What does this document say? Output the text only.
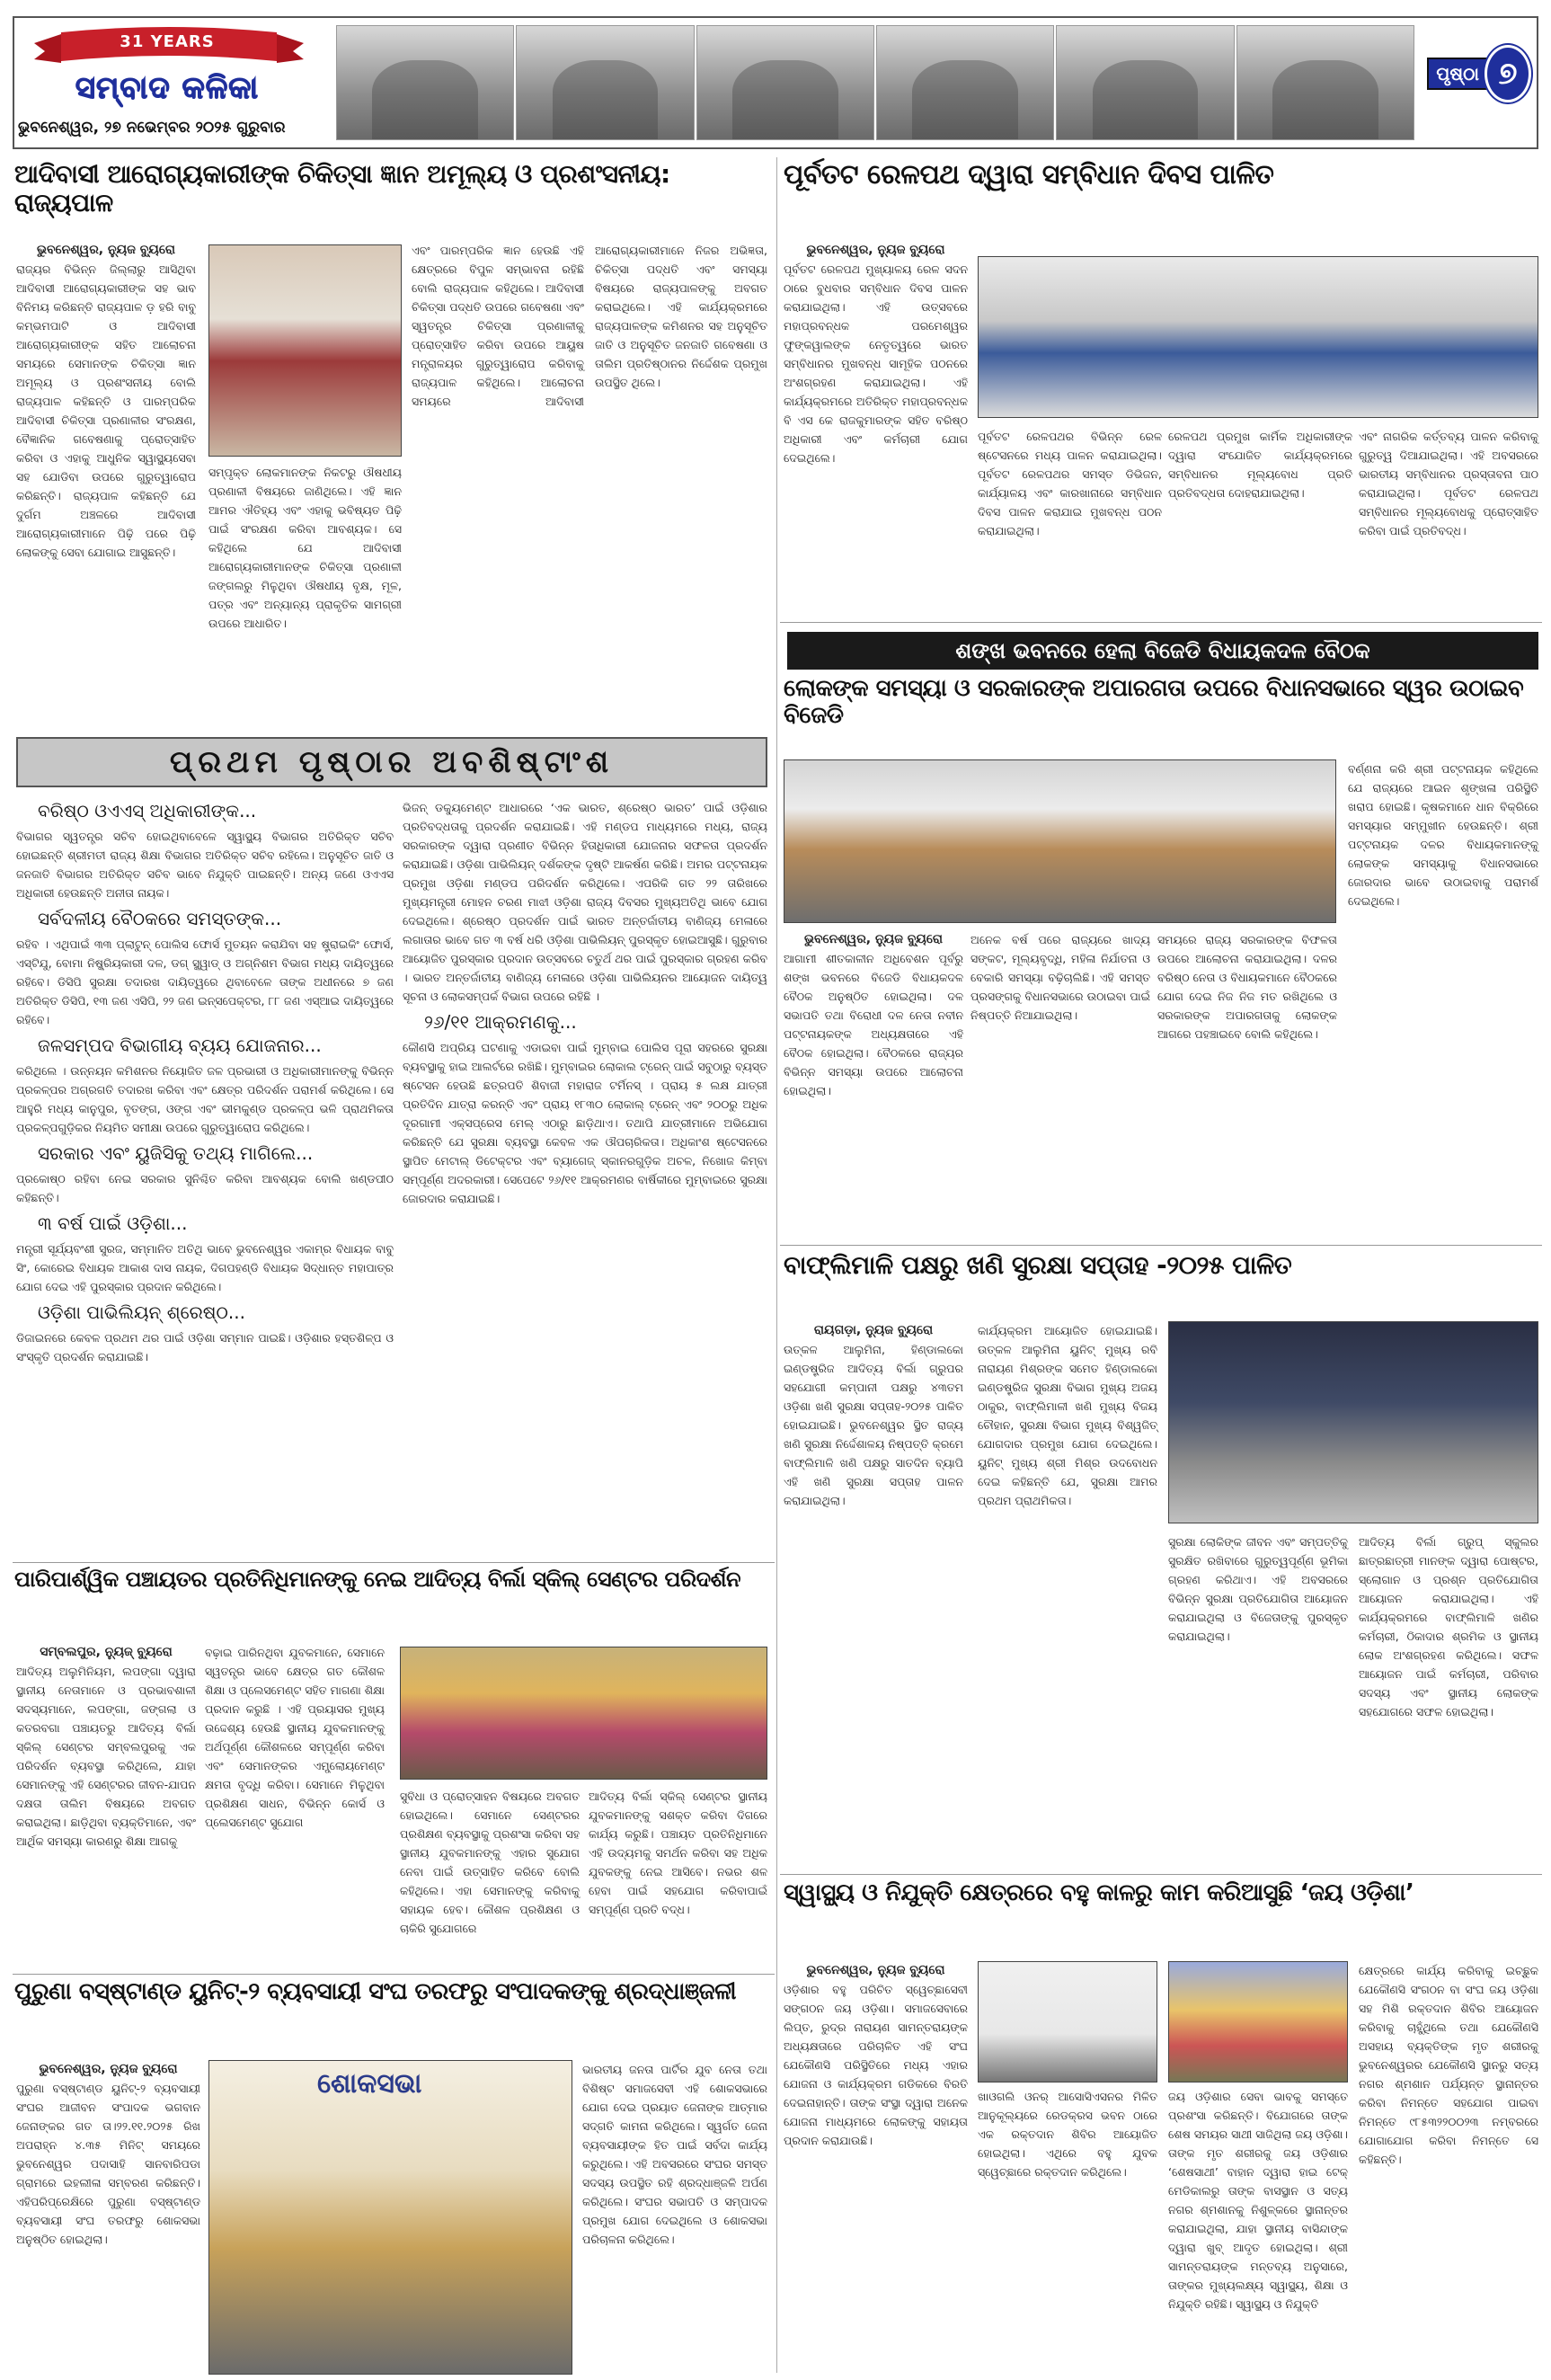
31 YEARS
ସମ୍ବାଦ କଳିକା
ଭୁବନେଶ୍ୱର, ୨୭ ନଭେମ୍ବର ୨୦୨୫ ଗୁରୁବାର
ପୃଷ୍ଠା ୭
ଆଦିବାସୀ ଆରୋଗ୍ୟକାରୀଙ୍କ ଚିକିତ୍ସା ଜ୍ଞାନ ଅମୂଲ୍ୟ ଓ ପ୍ରଶଂସନୀୟ: ରାଜ୍ୟପାଳ
ଭୁବନେଶ୍ୱର, ନ୍ୟୁଜ ବ୍ୟୁରୋ
ରାଜ୍ୟର ବିଭିନ୍ନ ଜିଲ୍ଲାରୁ ଆସିଥିବା ଆଦିବାସୀ ଆରୋଗ୍ୟକାରୀଙ୍କ ସହ ଭାବ ବିନିମୟ କରିଛନ୍ତି ରାଜ୍ୟପାଳ ଡ଼ ହରି ବାବୁ କମ୍ଭମପାଟି ଓ ଆଦିବାସୀ ଆରୋଗ୍ୟକାରୀଙ୍କ ସହିତ ଆଲୋଚନା ସମୟରେ ସେମାନଙ୍କ ଚିକିତ୍ସା ଜ୍ଞାନ ଅମୂଲ୍ୟ ଓ ପ୍ରଶଂସନୀୟ ବୋଲି ରାଜ୍ୟପାଳ କହିଛନ୍ତି ଓ ପାରମ୍ପରିକ ଆଦିବାସୀ ଚିକିତ୍ସା ପ୍ରଣାଳୀର ସଂରକ୍ଷଣ, ବୈଜ୍ଞାନିକ ଗବେଷଣାକୁ ପ୍ରୋତ୍ସାହିତ କରିବା ଓ ଏହାକୁ ଆଧୁନିକ ସ୍ୱାସ୍ଥ୍ୟସେବା ସହ ଯୋଡିବା ଉପରେ ଗୁରୁତ୍ୱାରୋପ କରିଛନ୍ତି। ରାଜ୍ୟପାଳ କହିଛନ୍ତି ଯେ ଦୁର୍ଗମ ଅଞ୍ଚଳରେ ଆଦିବାସୀ ଆରୋଗ୍ୟକାରୀମାନେ ପିଢ଼ି ପରେ ପିଢ଼ି ଲୋକଙ୍କୁ ସେବା ଯୋଗାଇ ଆସୁଛନ୍ତି।
ସମ୍ପୃକ୍ତ ଲୋକମାନଙ୍କ ନିକଟରୁ ଔଷଧୀୟ ପ୍ରଣାଳୀ ବିଷୟରେ ଜାଣିଥିଲେ। ଏହି ଜ୍ଞାନ ଆମର ଐତିହ୍ୟ ଏବଂ ଏହାକୁ ଭବିଷ୍ୟତ ପିଢ଼ି ପାଇଁ ସଂରକ୍ଷଣ କରିବା ଆବଶ୍ୟକ। ସେ କହିଥିଲେ ଯେ ଆଦିବାସୀ ଆରୋଗ୍ୟକାରୀମାନଙ୍କ ଚିକିତ୍ସା ପ୍ରଣାଳୀ ଜଙ୍ଗଲରୁ ମିଳୁଥିବା ଔଷଧୀୟ ବୃକ୍ଷ, ମୂଳ, ପତ୍ର ଏବଂ ଅନ୍ୟାନ୍ୟ ପ୍ରାକୃତିକ ସାମଗ୍ରୀ ଉପରେ ଆଧାରିତ।
ଏବଂ ପାରମ୍ପରିକ ଜ୍ଞାନ ହେଉଛି ଏହି କ୍ଷେତ୍ରରେ ବିପୁଳ ସମ୍ଭାବନା ରହିଛି ବୋଲି ରାଜ୍ୟପାଳ କହିଥିଲେ। ଆଦିବାସୀ ଚିକିତ୍ସା ପଦ୍ଧତି ଉପରେ ଗବେଷଣା ଏବଂ ସ୍ୱତନ୍ତ୍ର ଚିକିତ୍ସା ପ୍ରଣାଳୀକୁ ପ୍ରୋତ୍ସାହିତ କରିବା ଉପରେ ଆୟୁଷ ମନ୍ତ୍ରାଳୟର ଗୁରୁତ୍ୱାରୋପ କରିବାକୁ ରାଜ୍ୟପାଳ କହିଥିଲେ। ଆଲୋଚନା ସମୟରେ ଆଦିବାସୀ ଆରୋଗ୍ୟକାରୀମାନେ ନିଜର ଅଭିଜ୍ଞତା, ଚିକିତ୍ସା ପଦ୍ଧତି ଏବଂ ସମସ୍ୟା ବିଷୟରେ ରାଜ୍ୟପାଳଙ୍କୁ ଅବଗତ କରାଇଥିଲେ। ଏହି କାର୍ଯ୍ୟକ୍ରମରେ ରାଜ୍ୟପାଳଙ୍କ କମିଶନର ସହ ଅନୁସୂଚିତ ଜାତି ଓ ଅନୁସୂଚିତ ଜନଜାତି ଗବେଷଣା ଓ ତାଲିମ ପ୍ରତିଷ୍ଠାନର ନିର୍ଦ୍ଦେଶକ ପ୍ରମୁଖ ଉପସ୍ଥିତ ଥିଲେ।
ପୂର୍ବତଟ ରେଳପଥ ଦ୍ୱାରା ସମ୍ବିଧାନ ଦିବସ ପାଳିତ
ଭୁବନେଶ୍ୱର, ନ୍ୟୁଜ ବ୍ୟୁରୋ
ପୂର୍ବତଟ ରେଳପଥ ମୁଖ୍ୟାଳୟ ରେଳ ସଦନ ଠାରେ ବୁଧବାର ସମ୍ବିଧାନ ଦିବସ ପାଳନ କରାଯାଇଥିଲା। ଏହି ଉତ୍ସବରେ ମହାପ୍ରବନ୍ଧକ ପରମେଶ୍ୱର ଫୁଙ୍କୱାଲଙ୍କ ନେତୃତ୍ୱରେ ଭାରତ ସମ୍ବିଧାନର ମୁଖବନ୍ଧ ସାମୂହିକ ପଠନରେ ଅଂଶଗ୍ରହଣ କରାଯାଇଥିଲା। ଏହି କାର୍ଯ୍ୟକ୍ରମରେ ଅତିରିକ୍ତ ମହାପ୍ରବନ୍ଧକ ବି ଏସ କେ ରାଜକୁମାରଙ୍କ ସହିତ ବରିଷ୍ଠ ଅଧିକାରୀ ଏବଂ କର୍ମଚାରୀ ଯୋଗ ଦେଇଥିଲେ।
ପୂର୍ବତଟ ରେଳପଥର ବିଭିନ୍ନ ରେଳ ଷ୍ଟେସନରେ ମଧ୍ୟ ପାଳନ କରାଯାଇଥିଲା। ପୂର୍ବତଟ ରେଳପଥର ସମସ୍ତ ଡିଭିଜନ, କାର୍ଯ୍ୟାଳୟ ଏବଂ କାରଖାନାରେ ସମ୍ବିଧାନ ଦିବସ ପାଳନ କରାଯାଇ ମୁଖବନ୍ଧ ପଠନ କରାଯାଇଥିଲା।
ରେଳପଥ ପ୍ରମୁଖ କାର୍ମିକ ଅଧିକାରୀଙ୍କ ଦ୍ୱାରା ସଂଯୋଜିତ କାର୍ଯ୍ୟକ୍ରମରେ ସମ୍ବିଧାନର ମୂଲ୍ୟବୋଧ ପ୍ରତି ପ୍ରତିବଦ୍ଧତା ଦୋହରାଯାଇଥିଲା।
ଏବଂ ନାଗରିକ କର୍ତ୍ତବ୍ୟ ପାଳନ କରିବାକୁ ଗୁରୁତ୍ୱ ଦିଆଯାଇଥିଲା। ଏହି ଅବସରରେ ଭାରତୀୟ ସମ୍ବିଧାନର ପ୍ରସ୍ତାବନା ପାଠ କରାଯାଇଥିଲା। ପୂର୍ବତଟ ରେଳପଥ ସମ୍ବିଧାନର ମୂଲ୍ୟବୋଧକୁ ପ୍ରୋତ୍ସାହିତ କରିବା ପାଇଁ ପ୍ରତିବଦ୍ଧ।
ଶଙ୍ଖ ଭବନରେ ହେଲା ବିଜେଡି ବିଧାୟକଦଳ ବୈଠକ
ଲୋକଙ୍କ ସମସ୍ୟା ଓ ସରକାରଙ୍କ ଅପାରଗତା ଉପରେ ବିଧାନସଭାରେ ସ୍ୱର ଉଠାଇବ ବିଜେଡି
ବର୍ଣ୍ଣନା କରି ଶ୍ରୀ ପଟ୍ଟନାୟକ କହିଥିଲେ ଯେ ରାଜ୍ୟରେ ଆଇନ ଶୃଙ୍ଖଳା ପରିସ୍ଥିତି ଖରାପ ହୋଇଛି। କୃଷକମାନେ ଧାନ ବିକ୍ରିରେ ସମସ୍ୟାର ସମ୍ମୁଖୀନ ହେଉଛନ୍ତି। ଶ୍ରୀ ପଟ୍ଟନାୟକ ଦଳର ବିଧାୟକମାନଙ୍କୁ ଲୋକଙ୍କ ସମସ୍ୟାକୁ ବିଧାନସଭାରେ ଜୋରଦାର ଭାବେ ଉଠାଇବାକୁ ପରାମର୍ଶ ଦେଇଥିଲେ।
ଭୁବନେଶ୍ୱର, ନ୍ୟୁଜ ବ୍ୟୁରୋ
ଆଗାମୀ ଶୀତକାଳୀନ ଅଧିବେଶନ ପୂର୍ବରୁ ଶଙ୍ଖ ଭବନରେ ବିଜେଡି ବିଧାୟକଦଳ ବୈଠକ ଅନୁଷ୍ଠିତ ହୋଇଥିଲା। ଦଳ ସଭାପତି ତଥା ବିରୋଧୀ ଦଳ ନେତା ନବୀନ ପଟ୍ଟନାୟକଙ୍କ ଅଧ୍ୟକ୍ଷତାରେ ଏହି ବୈଠକ ହୋଇଥିଲା। ବୈଠକରେ ରାଜ୍ୟର ବିଭିନ୍ନ ସମସ୍ୟା ଉପରେ ଆଲୋଚନା ହୋଇଥିଲା।
ଅନେକ ବର୍ଷ ପରେ ରାଜ୍ୟରେ ଖାଦ୍ୟ ସଙ୍କଟ, ମୂଲ୍ୟବୃଦ୍ଧି, ମହିଳା ନିର୍ଯାତନା ଓ ବେକାରି ସମସ୍ୟା ବଢ଼ିଚାଲିଛି। ଏହି ସମସ୍ତ ପ୍ରସଙ୍ଗକୁ ବିଧାନସଭାରେ ଉଠାଇବା ପାଇଁ ନିଷ୍ପତ୍ତି ନିଆଯାଇଥିଲା।
ସମୟରେ ରାଜ୍ୟ ସରକାରଙ୍କ ବିଫଳତା ଉପରେ ଆଲୋଚନା କରାଯାଇଥିଲା। ଦଳର ବରିଷ୍ଠ ନେତା ଓ ବିଧାୟକମାନେ ବୈଠକରେ ଯୋଗ ଦେଇ ନିଜ ନିଜ ମତ ରଖିଥିଲେ ଓ ସରକାରଙ୍କ ଅପାରଗତାକୁ ଲୋକଙ୍କ ଆଗରେ ପହଞ୍ଚାଇବେ ବୋଲି କହିଥିଲେ।
ପ୍ରଥମ ପୃଷ୍ଠାର ଅବଶିଷ୍ଟାଂଶ
ବରିଷ୍ଠ ଓଏଏସ୍ ଅଧିକାରୀଙ୍କ...
ବିଭାଗର ସ୍ୱତନ୍ତ୍ର ସଚିବ ହୋଇଥିବାବେଳେ ସ୍ୱାସ୍ଥ୍ୟ ବିଭାଗର ଅତିରିକ୍ତ ସଚିବ ହୋଇଛନ୍ତି ଶ୍ରୀମତୀ ରାଜ୍ୟ ଶିକ୍ଷା ବିଭାଗର ଅତିରିକ୍ତ ସଚିବ ରହିଲେ। ଅନୁସୂଚିତ ଜାତି ଓ ଜନଜାତି ବିଭାଗର ଅତିରିକ୍ତ ସଚିବ ଭାବେ ନିଯୁକ୍ତି ପାଇଛନ୍ତି। ଅନ୍ୟ ଜଣେ ଓଏଏସ ଅଧିକାରୀ ହେଉଛନ୍ତି ଅନୀତା ନାୟକ।
ସର୍ବଦଳୀୟ ବୈଠକରେ ସମସ୍ତଙ୍କ...
ରହିବ । ଏଥିପାଇଁ ୩୩ ପ୍ଲାଟୁନ୍ ପୋଲିସ ଫୋର୍ସ ମୁତୟନ କରାଯିବା ସହ ଷ୍ଟ୍ରାଇକିଂ ଫୋର୍ସ, ଏସ୍‌ଟିଯୁ, ବୋମା ନିଷ୍କ୍ରିୟକାରୀ ଦଳ, ଡଗ୍ ସ୍କ୍ୱାଡ୍ ଓ ଅଗ୍ନିଶମ ବିଭାଗ ମଧ୍ୟ ଦାୟିତ୍ୱରେ ରହିବେ। ଡିସିପି ସୁରକ୍ଷା ତଦାରଖ ଦାୟିତ୍ୱରେ ଥିବାବେଳେ ତାଙ୍କ ଅଧୀନରେ ୭ ଜଣ ଅତିରିକ୍ତ ଡିସିପି, ୧୩ ଜଣ ଏସିପି, ୨୨ ଜଣ ଇନ୍‌ସପେକ୍ଟର, ୮୮ ଜଣ ଏସ୍‌ଆଇ ଦାୟିତ୍ୱରେ ରହିବେ।
ଜଳସମ୍ପଦ ବିଭାଗୀୟ ବ୍ୟୟ ଯୋଜନାର...
କରିଥିଲେ । ଉନ୍ନୟନ କମିଶନର ନିୟୋଜିତ ଜଳ ପ୍ରଭାରୀ ଓ ଅଧିକାରୀମାନଙ୍କୁ ବିଭିନ୍ନ ପ୍ରକଳ୍ପର ଅଗ୍ରଗତି ତଦାରଖ କରିବା ଏବଂ କ୍ଷେତ୍ର ପରିଦର୍ଶନ ପରାମର୍ଶ କରିଥିଲେ। ସେ ଆହୁରି ମଧ୍ୟ କାନୁପୁର, ବୃତଙ୍ଗ, ଓଙ୍ଗ ଏବଂ ଭୀମକୁଣ୍ଡ ପ୍ରକଳ୍ପ ଭଳି ପ୍ରାଥମିକତା ପ୍ରକଳ୍ପଗୁଡ଼ିକର ନିୟମିତ ସମୀକ୍ଷା ଉପରେ ଗୁରୁତ୍ୱାରୋପ କରିଥିଲେ।
ସରକାର ଏବଂ ୟୁଜିସିକୁ ତଥ୍ୟ ମାଗିଲେ...
ପ୍ରକୋଷ୍ଠ ରହିବା ନେଇ ସରକାର ସୁନିଶ୍ଚିତ କରିବା ଆବଶ୍ୟକ ବୋଲି ଖଣ୍ଡପୀଠ କହିଛନ୍ତି।
୩ ବର୍ଷ ପାଇଁ ଓଡ଼ିଶା...
ମନ୍ତ୍ରୀ ସୂର୍ଯ୍ୟବଂଶୀ ସୁରଜ, ସମ୍ମାନିତ ଅତିଥି ଭାବେ ଭୁବନେଶ୍ୱର ଏକାମ୍ର ବିଧାୟକ ବାବୁ ସିଂ, କୋରେଇ ବିଧାୟକ ଆକାଶ ଦାସ ନାୟକ, ଦିଗପହଣ୍ଡି ବିଧାୟକ ସିଦ୍ଧାନ୍ତ ମହାପାତ୍ର ଯୋଗ ଦେଇ ଏହି ପୁରସ୍କାର ପ୍ରଦାନ କରିଥିଲେ।
ଓଡ଼ିଶା ପାଭିଲିୟନ୍ ଶ୍ରେଷ୍ଠ...
ଡିଜାଇନରେ କେବଳ ପ୍ରଥମ ଥର ପାଇଁ ଓଡ଼ିଶା ସମ୍ମାନ ପାଇଛି। ଓଡ଼ିଶାର ହସ୍ତଶିଳ୍ପ ଓ ସଂସ୍କୃତି ପ୍ରଦର୍ଶନ କରାଯାଇଛି।
ଭିଜନ୍ ଡକ୍ୟୁମେଣ୍ଟ ଆଧାରରେ ‘ଏକ ଭାରତ, ଶ୍ରେଷ୍ଠ ଭାରତ’ ପାଇଁ ଓଡ଼ିଶାର ପ୍ରତିବଦ୍ଧତାକୁ ପ୍ରଦର୍ଶନ କରାଯାଇଛି। ଏହି ମଣ୍ଡପ ମାଧ୍ୟମରେ ମଧ୍ୟ, ରାଜ୍ୟ ସରକାରଙ୍କ ଦ୍ୱାରା ପ୍ରଣୀତ ବିଭିନ୍ନ ହିତାଧିକାରୀ ଯୋଜନାର ସଫଳତା ପ୍ରଦର୍ଶନ କରାଯାଇଛି। ଓଡ଼ିଶା ପାଭିଲିୟନ୍ ଦର୍ଶକଙ୍କ ଦୃଷ୍ଟି ଆକର୍ଷଣ କରିଛି। ଅମର ପଟ୍ଟନାୟକ ପ୍ରମୁଖ ଓଡ଼ିଶା ମଣ୍ଡପ ପରିଦର୍ଶନ କରିଥିଲେ। ଏପରିକି ଗତ ୨୨ ତାରିଖରେ ମୁଖ୍ୟମନ୍ତ୍ରୀ ମୋହନ ଚରଣ ମାଝୀ ଓଡ଼ିଶା ରାଜ୍ୟ ଦିବସର ମୁଖ୍ୟଅତିଥି ଭାବେ ଯୋଗ ଦେଇଥିଲେ। ଶ୍ରେଷ୍ଠ ପ୍ରଦର୍ଶନ ପାଇଁ ଭାରତ ଅନ୍ତର୍ଜାତୀୟ ବାଣିଜ୍ୟ ମେଳାରେ ଲଗାତାର ଭାବେ ଗତ ୩ ବର୍ଷ ଧରି ଓଡ଼ିଶା ପାଭିଲିୟନ୍ ପୁରସ୍କୃତ ହୋଇଆସୁଛି। ଗୁରୁବାର ଆୟୋଜିତ ପୁରସ୍କାର ପ୍ରଦାନ ଉତ୍ସବରେ ଚତୁର୍ଥ ଥର ପାଇଁ ପୁରସ୍କାର ଗ୍ରହଣ କରିବ । ଭାରତ ଅନ୍ତର୍ଜାତୀୟ ବାଣିଜ୍ୟ ମେଳାରେ ଓଡ଼ିଶା ପାଭିଲିୟନର ଆୟୋଜନ ଦାୟିତ୍ୱ ସୂଚନା ଓ ଲୋକସମ୍ପର୍କ ବିଭାଗ ଉପରେ ରହିଛି ।
୨୬/୧୧ ଆକ୍ରମଣକୁ...
କୌଣସି ଅପ୍ରିୟ ଘଟଣାକୁ ଏଡାଇବା ପାଇଁ ମୁମ୍ବାଇ ପୋଲିସ ପୂରା ସହରରେ ସୁରକ୍ଷା ବ୍ୟବସ୍ଥାକୁ ହାଇ ଆଲର୍ଟରେ ରଖିଛି। ମୁମ୍ବାଇର ଲୋକାଲ ଟ୍ରେନ୍ ପାଇଁ ସବୁଠାରୁ ବ୍ୟସ୍ତ ଷ୍ଟେସନ ହେଉଛି ଛତ୍ରପତି ଶିବାଜୀ ମହାରାଜ ଟର୍ମିନସ୍ । ପ୍ରାୟ ୫ ଲକ୍ଷ ଯାତ୍ରୀ ପ୍ରତିଦିନ ଯାତ୍ରା କରନ୍ତି ଏବଂ ପ୍ରାୟ ୧୮୩୦ ଲୋକାଲ୍ ଟ୍ରେନ୍ ଏବଂ ୨୦୦ରୁ ଅଧିକ ଦୂରଗାମୀ ଏକ୍ସପ୍ରେସ ମେଲ୍ ଏଠାରୁ ଛାଡ଼ିଥାଏ। ତଥାପି ଯାତ୍ରୀମାନେ ଅଭିଯୋଗ କରିଛନ୍ତି ଯେ ସୁରକ୍ଷା ବ୍ୟବସ୍ଥା କେବଳ ଏକ ଔପଚାରିକତା। ଅଧିକାଂଶ ଷ୍ଟେସନରେ ସ୍ଥାପିତ ମେଟାଲ୍ ଡିଟେକ୍ଟର ଏବଂ ବ୍ୟାଗେଜ୍ ସ୍କାନରଗୁଡ଼ିକ ଅଚଳ, ନିଖୋଜ କିମ୍ବା ସମ୍ପୂର୍ଣ୍ଣ ଅଦରକାରୀ। ସେପେଟେ ୨୬/୧୧ ଆକ୍ରମଣର ବାର୍ଷିକୀରେ ମୁମ୍ବାଇରେ ସୁରକ୍ଷା ଜୋରଦାର କରାଯାଇଛି।
ବାଫ୍ଲିମାଳି ପକ୍ଷରୁ ଖଣି ସୁରକ୍ଷା ସପ୍ତାହ -୨୦୨୫ ପାଳିତ
ରାୟଗଡ଼ା, ନ୍ୟୁଜ ବ୍ୟୁରୋ
ଉତ୍କଳ ଆଲୁମିନା, ହିଣ୍ଡାଲକୋ ଇଣ୍ଡଷ୍ଟ୍ରିଜ ଆଦିତ୍ୟ ବିର୍ଲା ଗ୍ରୁପର ସହଯୋଗୀ କମ୍ପାନୀ ପକ୍ଷରୁ ୪୩ତମ ଓଡ଼ିଶା ଖଣି ସୁରକ୍ଷା ସପ୍ତାହ-୨୦୨୫ ପାଳିତ ହୋଇଯାଇଛି। ଭୁବନେଶ୍ୱର ସ୍ଥିତ ରାଜ୍ୟ ଖଣି ସୁରକ୍ଷା ନିର୍ଦ୍ଦେଶାଳୟ ନିଷ୍ପତ୍ତି କ୍ରମେ ବାଫ୍ଲିମାଳି ଖଣି ପକ୍ଷରୁ ସାତଦିନ ବ୍ୟାପି ଏହି ଖଣି ସୁରକ୍ଷା ସପ୍ତାହ ପାଳନ କରାଯାଇଥିଲା।
କାର୍ଯ୍ୟକ୍ରମ ଆୟୋଜିତ ହୋଇଯାଇଛି। ଉତ୍କଳ ଆଲୁମିନା ୟୁନିଟ୍ ମୁଖ୍ୟ ରବି ନାରାୟଣ ମିଶ୍ରଙ୍କ ସମେତ ହିଣ୍ଡାଲକୋ ଇଣ୍ଡଷ୍ଟ୍ରିଜ ସୁରକ୍ଷା ବିଭାଗ ମୁଖ୍ୟ ଅଜୟ ଠାକୁର, ବାଫ୍ଲିମାଳୀ ଖଣି ମୁଖ୍ୟ ବିଜୟ ଚୌହାନ, ସୁରକ୍ଷା ବିଭାଗ ମୁଖ୍ୟ ବିଶ୍ୱଜିତ୍ ଯୋଗଦାର ପ୍ରମୁଖ ଯୋଗ ଦେଇଥିଲେ। ୟୁନିଟ୍ ମୁଖ୍ୟ ଶ୍ରୀ ମିଶ୍ର ଉଦବୋଧନ ଦେଇ କହିଛନ୍ତି ଯେ, ସୁରକ୍ଷା ଆମର ପ୍ରଥମ ପ୍ରାଥମିକତା।
ସୁରକ୍ଷା ଲୋକିଙ୍କ ଜୀବନ ଏବଂ ସମ୍ପତ୍ତିକୁ ସୁରକ୍ଷିତ ରଖିବାରେ ଗୁରୁତ୍ୱପୂର୍ଣ୍ଣ ଭୂମିକା ଗ୍ରହଣ କରିଥାଏ। ଏହି ଅବସରରେ ବିଭିନ୍ନ ସୁରକ୍ଷା ପ୍ରତିଯୋଗିତା ଆୟୋଜନ କରାଯାଇଥିଲା ଓ ବିଜେତାଙ୍କୁ ପୁରସ୍କୃତ କରାଯାଇଥିଲା।
ଆଦିତ୍ୟ ବିର୍ଲା ଗ୍ରୁପ୍ ସ୍କୁଲର ଛାତ୍ରଛାତ୍ରୀ ମାନଙ୍କ ଦ୍ୱାରା ପୋଷ୍ଟର, ସ୍ଲୋଗାନ ଓ ପ୍ରଶ୍ନ ପ୍ରତିଯୋଗିତା ଆୟୋଜନ କରାଯାଇଥିଲା। ଏହି କାର୍ଯ୍ୟକ୍ରମରେ ବାଫ୍ଲିମାଳି ଖଣିର କର୍ମଚାରୀ, ଠିକାଦାର ଶ୍ରମିକ ଓ ସ୍ଥାନୀୟ ଲୋକ ଅଂଶଗ୍ରହଣ କରିଥିଲେ। ସଫଳ ଆୟୋଜନ ପାଇଁ କର୍ମଚାରୀ, ପରିବାର ସଦସ୍ୟ ଏବଂ ସ୍ଥାନୀୟ ଲୋକଙ୍କ ସହଯୋଗରେ ସଫଳ ହୋଇଥିଲା।
ପାରିପାର୍ଶ୍ୱିକ ପଞ୍ଚାୟତର ପ୍ରତିନିଧିମାନଙ୍କୁ ନେଇ ଆଦିତ୍ୟ ବିର୍ଲା ସ୍କିଲ୍ ସେଣ୍ଟର ପରିଦର୍ଶନ
ସମ୍ବଲପୁର, ନ୍ୟୁଜ୍ ବ୍ୟୁରୋ
ଆଦିତ୍ୟ ଅଲୁମିନିୟମ, ଲପଙ୍ଗା ଦ୍ୱାରା ସ୍ଥାନୀୟ ନେତାମାନେ ଓ ପ୍ରଭାବଶାଳୀ ସଦସ୍ୟମାନେ, ଲପଙ୍ଗା, ଜଙ୍ଗଲା ଓ କତରବଗା ପଞ୍ଚାୟତରୁ ଆଦିତ୍ୟ ବିର୍ଲା ସ୍କିଲ୍ ସେଣ୍ଟର ସମ୍ବଲପୁରକୁ ଏକ ପରିଦର୍ଶନ ବ୍ୟବସ୍ଥା କରିଥିଲେ, ଯାହା ସେମାନଙ୍କୁ ଏହି ସେଣ୍ଟରର ଜୀବନ-ଯାପନ ଦକ୍ଷତା ତାଲିମ ବିଷୟରେ ଅବଗତ କରାଇଥିଲା। ଛାଡ଼ିଥିବା ବ୍ୟକ୍ତିମାନେ, ଏବଂ ଆର୍ଥିକ ସମସ୍ୟା କାରଣରୁ ଶିକ୍ଷା ଆଗକୁ
ବଢ଼ାଇ ପାରିନଥିବା ଯୁବକମାନେ, ସେମାନେ ସ୍ୱତନ୍ତ୍ର ଭାବେ କ୍ଷେତ୍ର ଗତ କୌଶଳ ଶିକ୍ଷା ଓ ପ୍ଲେସମେଣ୍ଟ ସହିତ ମାଗଣା ଶିକ୍ଷା ପ୍ରଦାନ କରୁଛି । ଏହି ପ୍ରୟାସର ମୁଖ୍ୟ ଉଦ୍ଦେଶ୍ୟ ହେଉଛି ସ୍ଥାନୀୟ ଯୁବକମାନଙ୍କୁ ଅର୍ଥପୂର୍ଣ୍ଣ କୌଶଳରେ ସମ୍ପୂର୍ଣ୍ଣ କରିବା ଏବଂ ସେମାନଙ୍କର ଏମ୍ପ୍ଲୋୟମେଣ୍ଟ କ୍ଷମତା ବୃଦ୍ଧି କରିବା। ସେମାନେ ମିଳୁଥିବା ପ୍ରଶିକ୍ଷଣ ସାଧନ, ବିଭିନ୍ନ କୋର୍ସ ଓ ପ୍ଲେସମେଣ୍ଟ ସୁଯୋଗ
ସୁବିଧା ଓ ପ୍ରୋତ୍ସାହନ ବିଷୟରେ ଅବଗତ ହୋଇଥିଲେ। ସେମାନେ ସେଣ୍ଟରର ପ୍ରଶିକ୍ଷଣ ବ୍ୟବସ୍ଥାକୁ ପ୍ରଶଂସା କରିବା ସହ ସ୍ଥାନୀୟ ଯୁବକମାନଙ୍କୁ ଏହାର ସୁଯୋଗ ନେବା ପାଇଁ ଉତ୍ସାହିତ କରିବେ ବୋଲି କହିଥିଲେ। ଏହା ସେମାନଙ୍କୁ କରିବାକୁ ସହାୟକ ହେବ। କୌଶଳ ପ୍ରଶିକ୍ଷଣ ଓ ଚାକିରି ସୁଯୋଗରେ
ଆଦିତ୍ୟ ବିର୍ଲା ସ୍କିଲ୍ ସେଣ୍ଟର ସ୍ଥାନୀୟ ଯୁବକମାନଙ୍କୁ ସଶକ୍ତ କରିବା ଦିଗରେ କାର୍ଯ୍ୟ କରୁଛି। ପଞ୍ଚାୟତ ପ୍ରତିନିଧିମାନେ ଏହି ଉଦ୍ୟମକୁ ସମର୍ଥନ କରିବା ସହ ଅଧିକ ଯୁବକଙ୍କୁ ନେଇ ଆସିବେ। ନଭର ଶଳ ହେବା ପାଇଁ ସହଯୋଗ କରିବାପାଇଁ ସମ୍ପୂର୍ଣ୍ଣ ପ୍ରତି ବଦ୍ଧ।
ସ୍ୱାସ୍ଥ୍ୟ ଓ ନିଯୁକ୍ତି କ୍ଷେତ୍ରରେ ବହୁ କାଳରୁ କାମ କରିଆସୁଛି ‘ଜୟ ଓଡ଼ିଶା’
ଭୁବନେଶ୍ୱର, ନ୍ୟୁଜ ବ୍ୟୁରୋ
ଓଡ଼ିଶାର ବହୁ ପରିଚିତ ସ୍ୱେଚ୍ଛାସେବୀ ସଙ୍ଗଠନ ଜୟ ଓଡ଼ିଶା। ସମାଜସେବାରେ ଲିପ୍ତ, ରୁଦ୍ର ନାରାୟଣ ସାମନ୍ତରାୟଙ୍କ ଅଧ୍ୟକ୍ଷତାରେ ପରିଚାଳିତ ଏହି ସଂଘ ଯେକୌଣସି ପରିସ୍ଥିତିରେ ମଧ୍ୟ ଏହାର ଯୋଜନା ଓ କାର୍ଯ୍ୟକ୍ରମ ଗଡିକରେ ବିରତି ଦେଇନାହାନ୍ତି। ତାଙ୍କ ସଂସ୍ଥା ଦ୍ୱାରା ଅନେକ ଯୋଜନା ମାଧ୍ୟମରେ ଲୋକଙ୍କୁ ସହାୟତା ପ୍ରଦାନ କରାଯାଉଛି।
ଖାଓଗଲି ଓନର୍ ଆସୋସିଏସନର ମିଳିତ ଆନୁକୂଲ୍ୟରେ ରେଡକ୍ରସ ଭବନ ଠାରେ ଏକ ରକ୍ତଦାନ ଶିବିର ଆୟୋଜିତ ହୋଇଥିଲା। ଏଥିରେ ବହୁ ଯୁବକ ସ୍ୱେଚ୍ଛାରେ ରକ୍ତଦାନ କରିଥିଲେ।
ଜୟ ଓଡ଼ିଶାର ସେବା ଭାବକୁ ସମସ୍ତେ ପ୍ରଶଂସା କରିଛନ୍ତି। ବିଯୋଗରେ ତାଙ୍କ ଶେଷ ସମୟର ସାଥୀ ସାଜିଥିଲା ଜୟ ଓଡ଼ିଶା। ତାଙ୍କ ମୃତ ଶରୀରକୁ ଜୟ ଓଡ଼ିଶାର ‘ଶେଷସାଥୀ’ ବାହାନ ଦ୍ୱାରା ହାଇ ଟେକ୍ ମେଡିକାଲରୁ ତାଙ୍କ ବାସସ୍ଥାନ ଓ ସତ୍ୟ ନଗର ଶ୍ମଶାନକୁ ନିଶୁଳ୍କରେ ସ୍ଥାନାନ୍ତର କରାଯାଇଥିଲା, ଯାହା ସ୍ଥାନୀୟ ବାସିନ୍ଦାଙ୍କ ଦ୍ୱାରା ଖୁବ୍ ଆଦୃତ ହୋଇଥିଲା। ଶ୍ରୀ ସାମନ୍ତରାୟଙ୍କ ମନ୍ତବ୍ୟ ଅନୁସାରେ, ତାଙ୍କର ମୁଖ୍ୟଲକ୍ଷ୍ୟ ସ୍ୱାସ୍ଥ୍ୟ, ଶିକ୍ଷା ଓ ନିଯୁକ୍ତି ରହିଛି। ସ୍ୱାସ୍ଥ୍ୟ ଓ ନିଯୁକ୍ତି
କ୍ଷେତ୍ରରେ କାର୍ଯ୍ୟ କରିବାକୁ ଇଚ୍ଛୁକ ଯେକୌଣସି ସଂଗଠନ ବା ସଂଘ ଜୟ ଓଡ଼ିଶା ସହ ମିଶି ରକ୍ତଦାନ ଶିବିର ଆୟୋଜନ କରିବାକୁ ଚାହୁଁଥିଲେ ତଥା ଯେକୌଣସି ଅସହାୟ ବ୍ୟକ୍ତିଙ୍କ ମୃତ ଶରୀରକୁ ଭୁବନେଶ୍ୱରର ଯେକୌଣସି ସ୍ଥାନରୁ ସତ୍ୟ ନଗର ଶ୍ମଶାନ ପର୍ଯ୍ୟନ୍ତ ସ୍ଥାନାନ୍ତର କରିବା ନିମନ୍ତେ ସହଯୋଗ ପାଇବା ନିମନ୍ତେ ୯୮୫୩୨୨୦୦୨୩ ନମ୍ବରରେ ଯୋଗାଯୋଗ କରିବା ନିମନ୍ତେ ସେ କହିଛନ୍ତି।
ପୁରୁଣା ବସ୍‌ଷ୍ଟାଣ୍ଡ ୟୁନିଟ୍-୨ ବ୍ୟବସାୟୀ ସଂଘ ତରଫରୁ ସଂପାଦକଙ୍କୁ ଶ୍ରଦ୍ଧାଞ୍ଜଳୀ
ଭୁବନେଶ୍ୱର, ନ୍ୟୁଜ ବ୍ୟୁରୋ
ପୁରୁଣା ବସ୍‌ଷ୍ଟାଣ୍ଡ ୟୁନିଟ୍-୨ ବ୍ୟବସାୟୀ ସଂଘର ଆଜୀବନ ସଂପାଦକ ଭଗବାନ ଜେନାଙ୍କର ଗତ ତା।୨୨.୧୧.୨୦୨୫ ରିଖ ଅପରାହ୍ନ ୪.୩୫ ମିନିଟ୍ ସମୟରେ ଭୁବନେଶ୍ୱର ପଦାସାହି ସାନବାରିପଡା ଗ୍ରାମରେ ଇହଲୀଳା ସମ୍ବରଣ କରିଛନ୍ତି। ଏହିପରିପ୍ରେକ୍ଷିରେ ପୁରୁଣା ବସ୍‌ଷ୍ଟାଣ୍ଡ ବ୍ୟବସାୟୀ ସଂଘ ତରଫରୁ ଶୋକସଭା ଅନୁଷ୍ଠିତ ହୋଇଥିଲା।
ଶୋକସଭା	ଭାରତୀୟ ଜନତା ପାର୍ଟିର ଯୁବ ନେତା ତଥା ବିଶିଷ୍ଟ ସମାଜସେବୀ ଏହି ଶୋକସଭାରେ ଯୋଗ ଦେଇ ପ୍ରୟାତ ଜେନାଙ୍କ ଆତ୍ମାର ସଦ୍‌ଗତି କାମନା କରିଥିଲେ। ସ୍ୱର୍ଗତ ଜେନା ବ୍ୟବସାୟୀଙ୍କ ହିତ ପାଇଁ ସର୍ବଦା କାର୍ଯ୍ୟ କରୁଥିଲେ। ଏହି ଅବସରରେ ସଂଘର ସମସ୍ତ ସଦସ୍ୟ ଉପସ୍ଥିତ ରହି ଶ୍ରଦ୍ଧାଞ୍ଜଳି ଅର୍ପଣ କରିଥିଲେ। ସଂଘର ସଭାପତି ଓ ସମ୍ପାଦକ ପ୍ରମୁଖ ଯୋଗ ଦେଇଥିଲେ ଓ ଶୋକସଭା ପରିଚାଳନା କରିଥିଲେ।
